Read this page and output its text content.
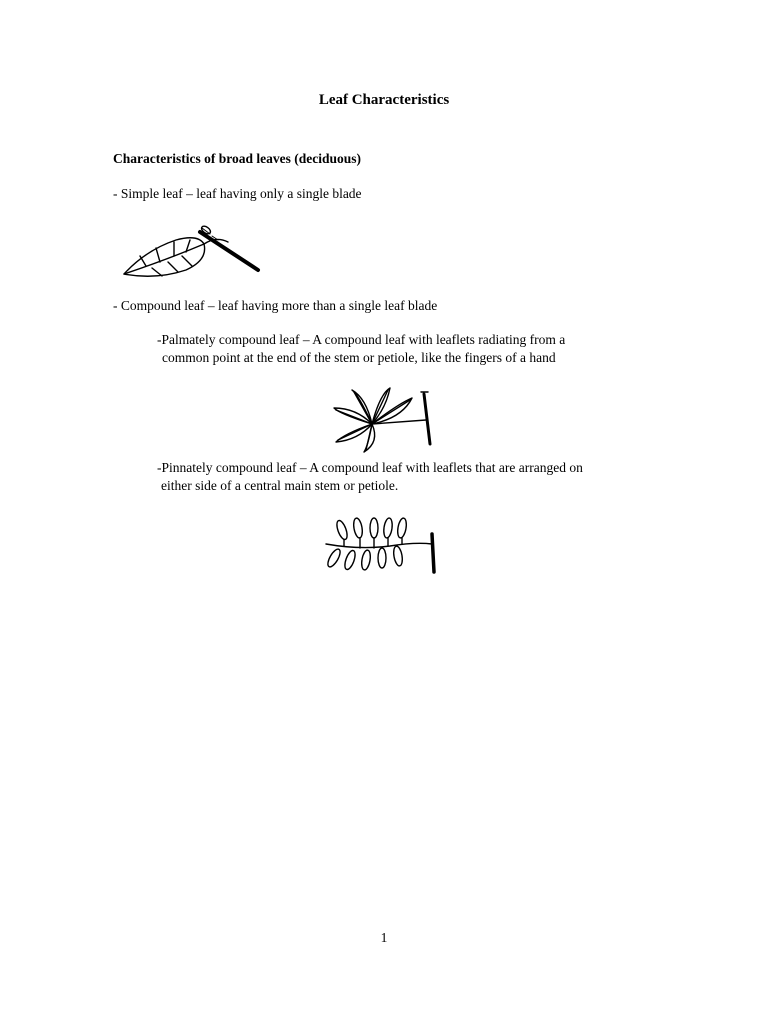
Leaf Characteristics
Characteristics of broad leaves (deciduous)
- Simple leaf – leaf having only a single blade
- Compound leaf – leaf having more than a single leaf blade
-Palmately compound leaf – A compound leaf with leaflets radiating from a
common point at the end of the stem or petiole, like the fingers of a hand
-Pinnately compound leaf – A compound leaf with leaflets that are arranged on
either side of a central main stem or petiole.
1
